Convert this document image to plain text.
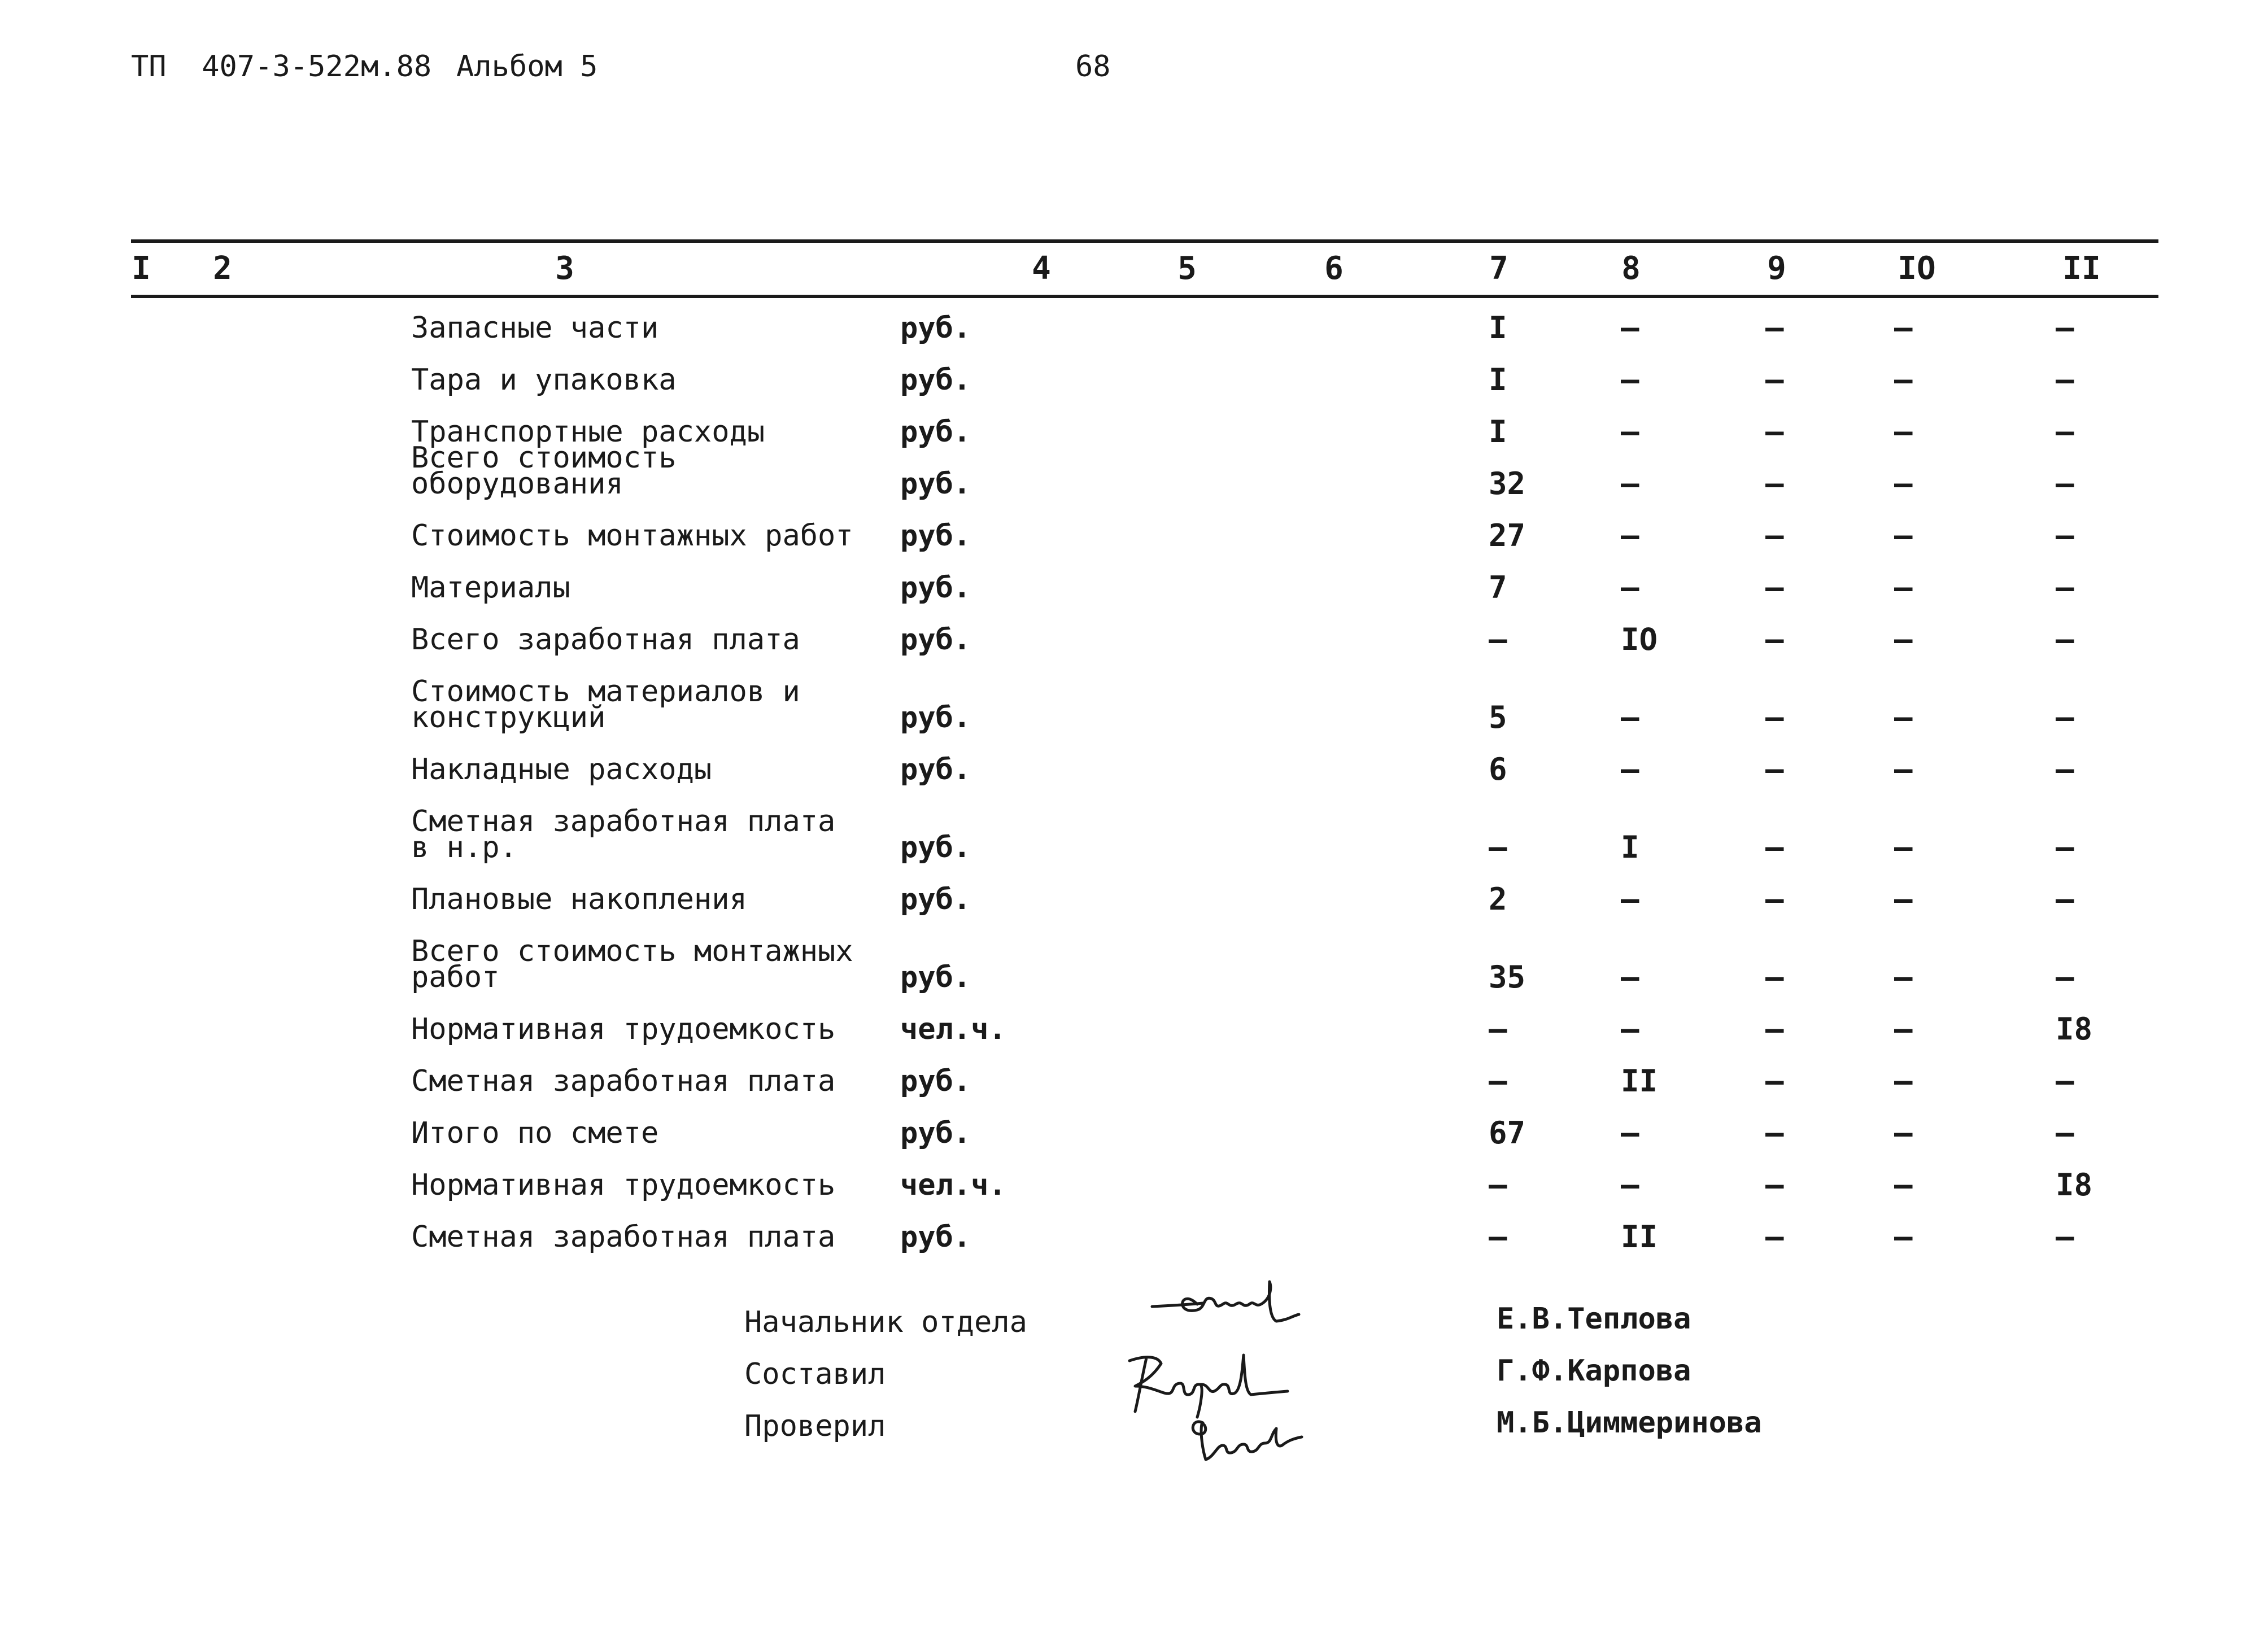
ТП  407-3-522м.88 Альбом 5	68
I 2	3	4	5	6	7	8	9	IO	II
Запасные части	руб.	I	–	–	–	–
Тара и упаковка	руб.	I	–	–	–	–
Транспортные расходы	руб.	I	–	–	–	–
Всего стоимость оборудования	руб.	32	–	–	–	–
Стоимость монтажных работ	руб.	27	–	–	–	–
Материалы	руб.	7	–	–	–	–
Всего заработная плата	руб.	–	IO	–	–	–
Стоимость материалов и
конструкций	руб.	5	–	–	–	–
Накладные расходы	руб.	6	–	–	–	–
Сметная заработная плата
в н.р.	руб.	–	I	–	–	–
Плановые накопления	руб.	2	–	–	–	–
Всего стоимость монтажных
работ	руб.	35	–	–	–	–
Нормативная трудоемкость	чел.ч.	–	–	–	–	I8
Сметная заработная плата	руб.	–	II	–	–	–
Итого по смете	руб.	67	–	–	–	–
Нормативная трудоемкость	чел.ч.	–	–	–	–	I8
Сметная заработная плата	руб.	–	II	–	–	–
Начальник отдела
Составил
Проверил
Е.В.Теплова
Г.Ф.Карпова
М.Б.Циммеринова
